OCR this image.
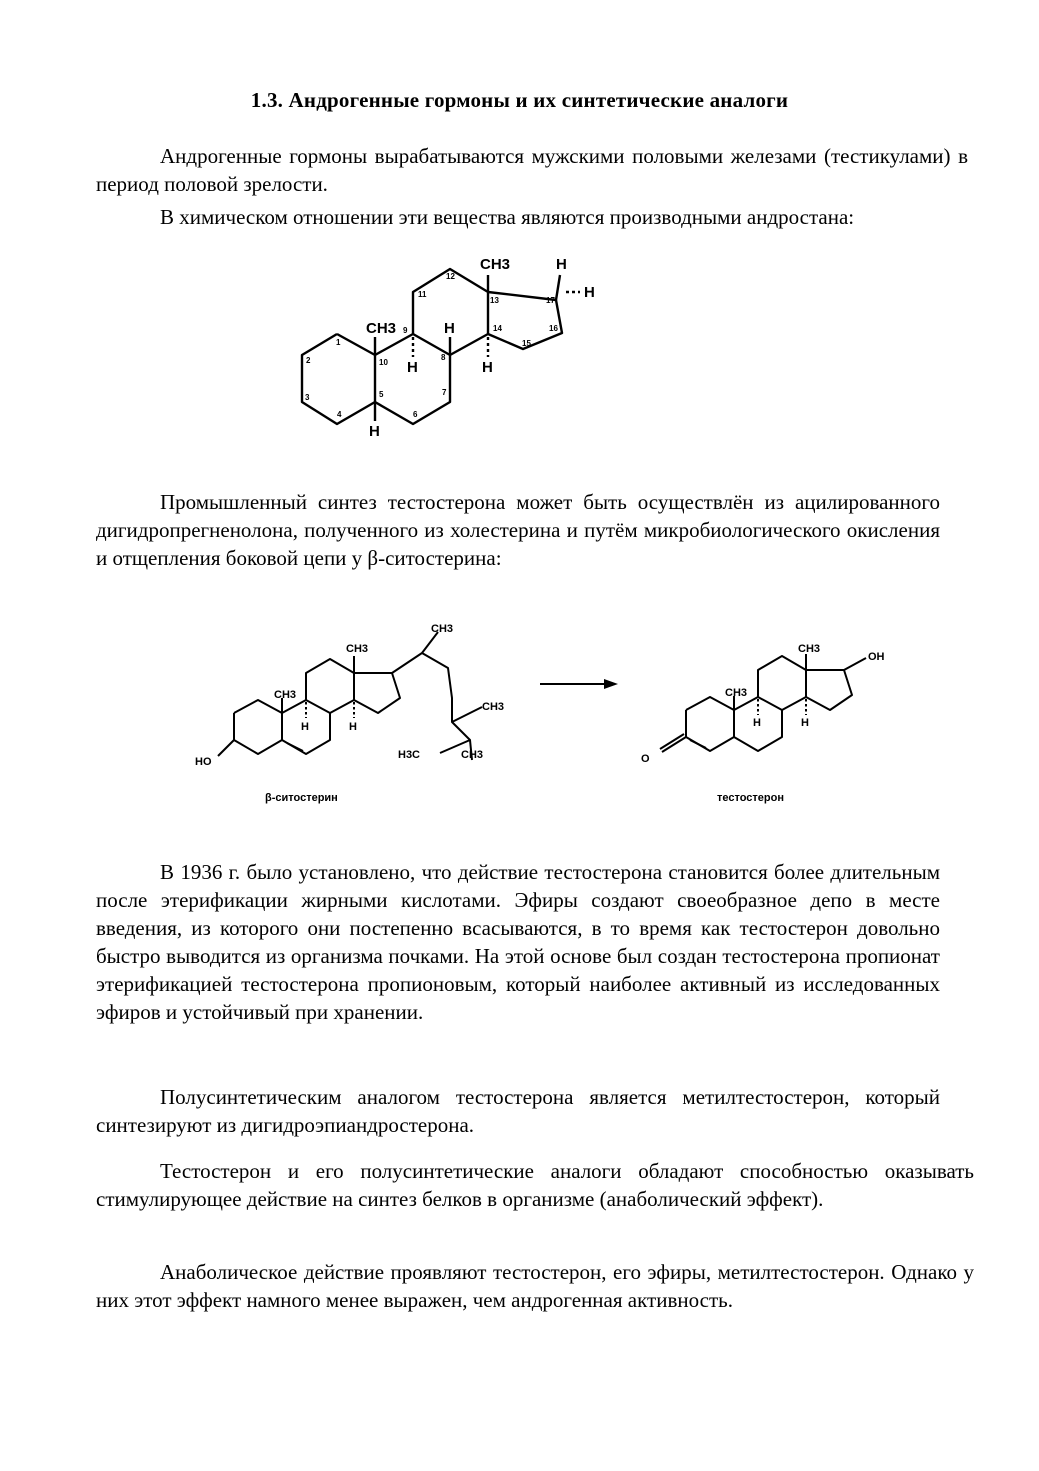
1.3. Андрогенные гормоны и их синтетические аналоги

Андрогенные гормоны вырабатываются мужскими половыми железами (тестикулами) в период половой зрелости.

В химическом отношении эти вещества являются производными андростана:

CH3
CH3
H
H
H
H	H
H
1
2
3
4
5
6
7
8
9
10
11
12
13
14
15
16
17

Промышленный синтез тестостерона может быть осуществлён из ацилированного дигидропрегненолона, полученного из холестерина и путём микробиологического окисления и отщепления боковой цепи у β-ситостерина:

HO
CH3
CH3
CH3
CH3
CH3
H3C
H	H
β-ситостерин
O
OH
CH3
CH3
H	H
тестостерон

В 1936 г. было установлено, что действие тестостерона становится более длительным после этерификации жирными кислотами. Эфиры создают своеобразное депо в месте введения, из которого они постепенно всасываются, в то время как тестостерон довольно быстро выводится из организма почками. На этой основе был создан тестостерона пропионат этерификацией тестостерона пропионовым, который наиболее активный из исследованных эфиров и устойчивый при хранении.

Полусинтетическим аналогом тестостерона является метилтестостерон, который синтезируют из дигидроэпиандростерона.

Тестостерон и его полусинтетические аналоги обладают способностью оказывать стимулирующее действие на синтез белков в организме (анаболический эффект).

Анаболическое действие проявляют тестостерон, его эфиры, метилтестостерон. Однако у них этот эффект намного менее выражен, чем андрогенная активность.
